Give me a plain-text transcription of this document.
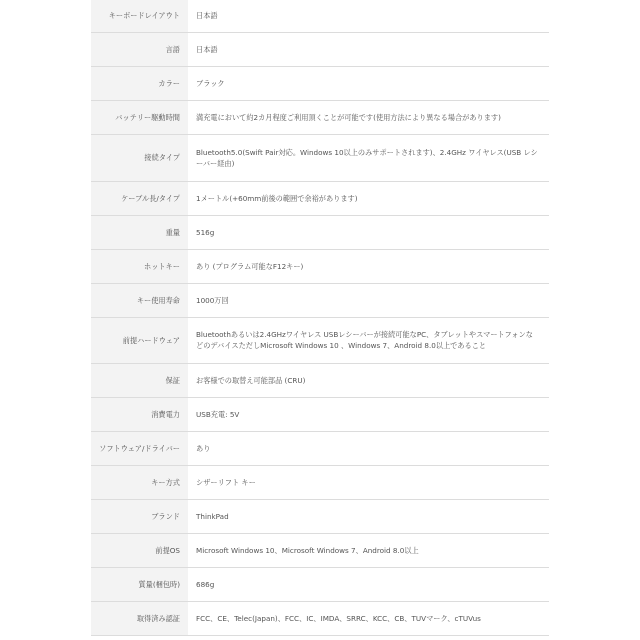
キーボードレイアウト	日本語
言語	日本語
カラー	ブラック
バッテリー駆動時間	満充電において約2カ月程度ご利用頂くことが可能です(使用方法により異なる場合があります)
接続タイプ	Bluetooth5.0(Swift Pair対応。Windows 10以上のみサポートされます)、2.4GHz ワイヤレス(USB レシーバー経由)
ケーブル長/タイプ	1メートル(+60mm前後の範囲で余裕があります)
重量	516g
ホットキー	あり (プログラム可能なF12キー)
キー使用寿命	1000万回
前提ハードウェア	Bluetoothあるいは2.4GHzワイヤレス USBレシーバーが接続可能なPC、タブレットやスマートフォンなどのデバイスただしMicrosoft Windows 10 、Windows 7、Android 8.0以上であること
保証	お客様での取替え可能部品 (CRU)
消費電力	USB充電: 5V
ソフトウェア/ドライバー	あり
キー方式	シザーリフト キー
ブランド	ThinkPad
前提OS	Microsoft Windows 10、Microsoft Windows 7、Android 8.0以上
質量(梱包時)	686g
取得済み認証	FCC、CE、Telec(Japan)、FCC、IC、IMDA、SRRC、KCC、CB、TUVマーク、cTUVus
